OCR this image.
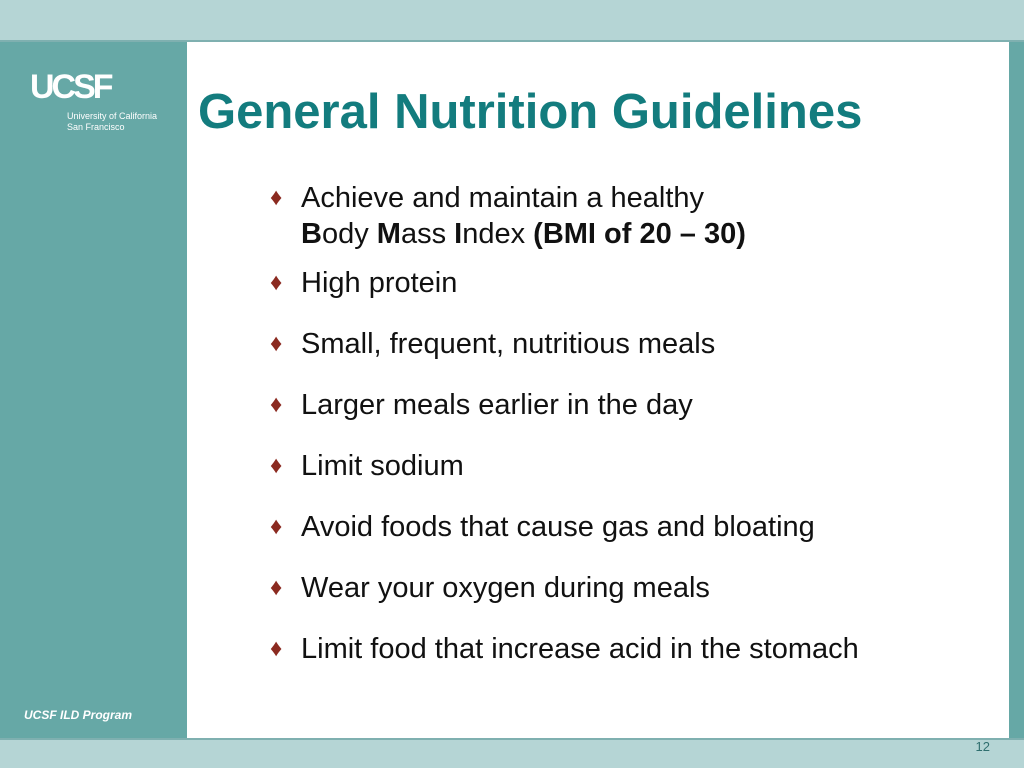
UCSF
University of California
San Francisco
UCSF ILD Program
12
General Nutrition Guidelines
♦ Achieve and maintain a healthy
Body Mass Index (BMI of 20 – 30)
♦ High protein
♦ Small, frequent, nutritious meals
♦ Larger meals earlier in the day
♦ Limit sodium
♦ Avoid foods that cause gas and bloating
♦ Wear your oxygen during meals
♦ Limit food that increase acid in the stomach
